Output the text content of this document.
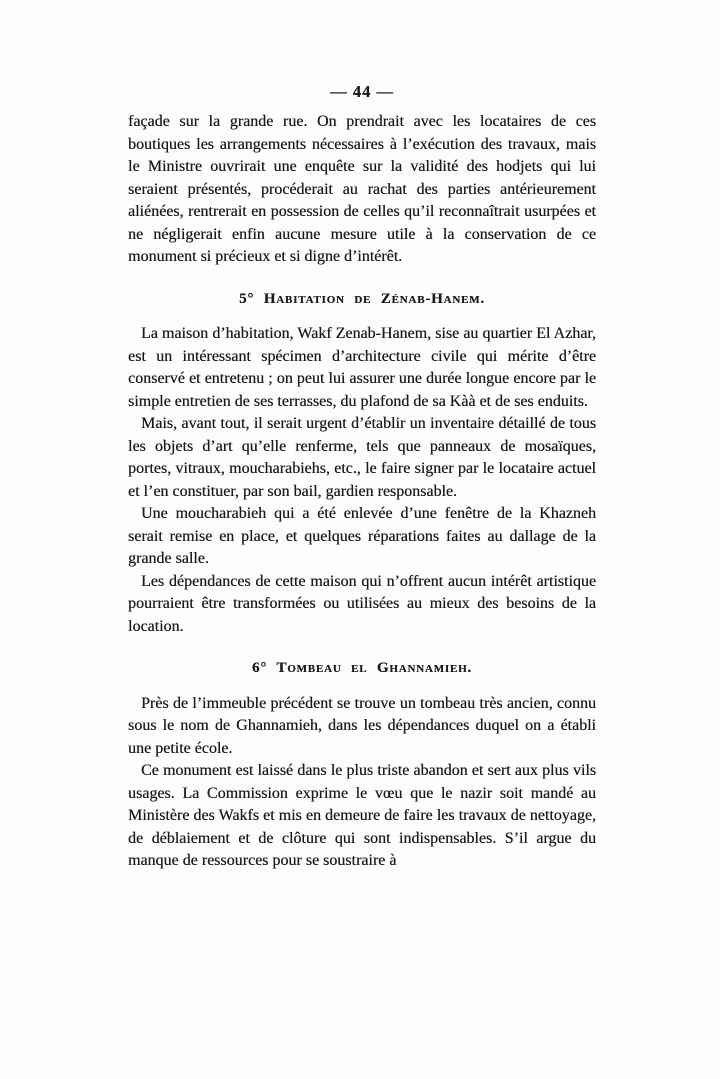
— 44 —

façade sur la grande rue. On prendrait avec les locataires de ces boutiques les arrangements nécessaires à l’exécution des travaux, mais le Ministre ouvrirait une enquête sur la validité des hodjets qui lui seraient présentés, procéderait au rachat des parties antérieurement aliénées, rentrerait en possession de celles qu’il reconnaîtrait usurpées et ne négligerait enfin aucune mesure utile à la conservation de ce monument si précieux et si digne d’intérêt.

5° Habitation de Zénab-Hanem.

La maison d’habitation, Wakf Zenab-Hanem, sise au quartier El Azhar, est un intéressant spécimen d’architecture civile qui mérite d’être conservé et entretenu ; on peut lui assurer une durée longue encore par le simple entretien de ses terrasses, du plafond de sa Kàà et de ses enduits.

Mais, avant tout, il serait urgent d’établir un inventaire détaillé de tous les objets d’art qu’elle renferme, tels que panneaux de mosaïques, portes, vitraux, moucharabiehs, etc., le faire signer par le locataire actuel et l’en constituer, par son bail, gardien responsable.

Une moucharabieh qui a été enlevée d’une fenêtre de la Khazneh serait remise en place, et quelques réparations faites au dallage de la grande salle.

Les dépendances de cette maison qui n’offrent aucun intérêt artistique pourraient être transformées ou utilisées au mieux des besoins de la location.

6° Tombeau el Ghannamieh.

Près de l’immeuble précédent se trouve un tombeau très ancien, connu sous le nom de Ghannamieh, dans les dépendances duquel on a établi une petite école.

Ce monument est laissé dans le plus triste abandon et sert aux plus vils usages. La Commission exprime le vœu que le nazir soit mandé au Ministère des Wakfs et mis en demeure de faire les travaux de nettoyage, de déblaiement et de clôture qui sont indispensables. S’il argue du manque de ressources pour se soustraire à
